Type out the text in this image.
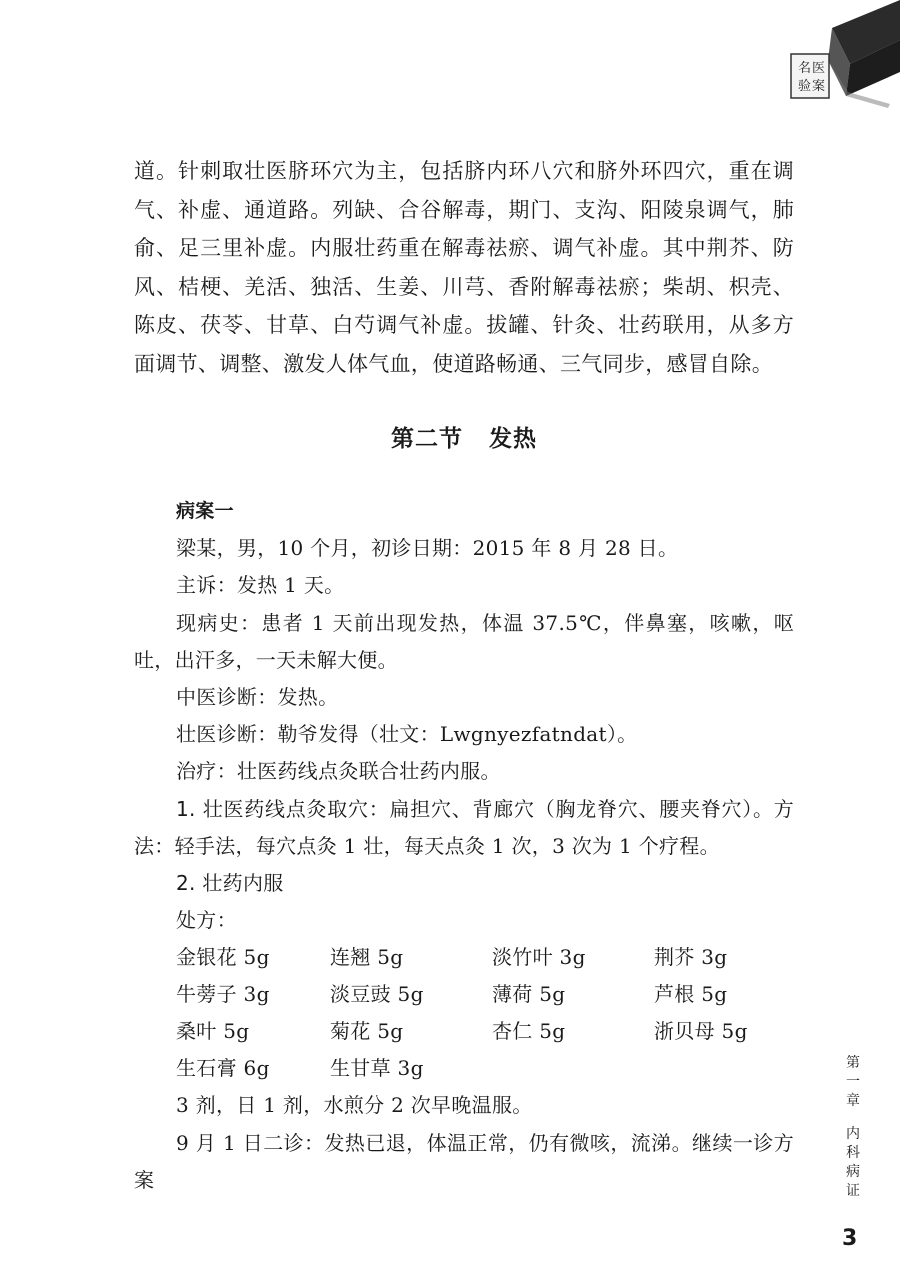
名 医
验 案

道。针刺取壮医脐环穴为主，包括脐内环八穴和脐外环四穴，重在调气、补虚、通道路。列缺、合谷解毒，期门、支沟、阳陵泉调气，肺俞、足三里补虚。内服壮药重在解毒祛瘀、调气补虚。其中荆芥、防风、桔梗、羌活、独活、生姜、川芎、香附解毒祛瘀；柴胡、枳壳、陈皮、茯苓、甘草、白芍调气补虚。拔罐、针灸、壮药联用，从多方面调节、调整、激发人体气血，使道路畅通、三气同步，感冒自除。

第二节 发热

病案一

梁某，男，10 个月，初诊日期：2015 年 8 月 28 日。

主诉：发热 1 天。

现病史：患者 1 天前出现发热，体温 37.5℃，伴鼻塞，咳嗽，呕吐，出汗多，一天未解大便。

中医诊断：发热。

壮医诊断：勒爷发得（壮文：Lwgnyezfatndat）。

治疗：壮医药线点灸联合壮药内服。

1. 壮医药线点灸取穴：扁担穴、背廊穴（胸龙脊穴、腰夹脊穴）。方法：轻手法，每穴点灸 1 壮，每天点灸 1 次，3 次为 1 个疗程。

2. 壮药内服

处方：

金银花 5g	连翘 5g	淡竹叶 3g	荆芥 3g
牛蒡子 3g	淡豆豉 5g	薄荷 5g	芦根 5g
桑叶 5g	菊花 5g	杏仁 5g	浙贝母 5g
生石膏 6g	生甘草 3g

3 剂，日 1 剂，水煎分 2 次早晚温服。

9 月 1 日二诊：发热已退，体温正常，仍有微咳，流涕。继续一诊方案

第
一
章
内
科
病
证
3
